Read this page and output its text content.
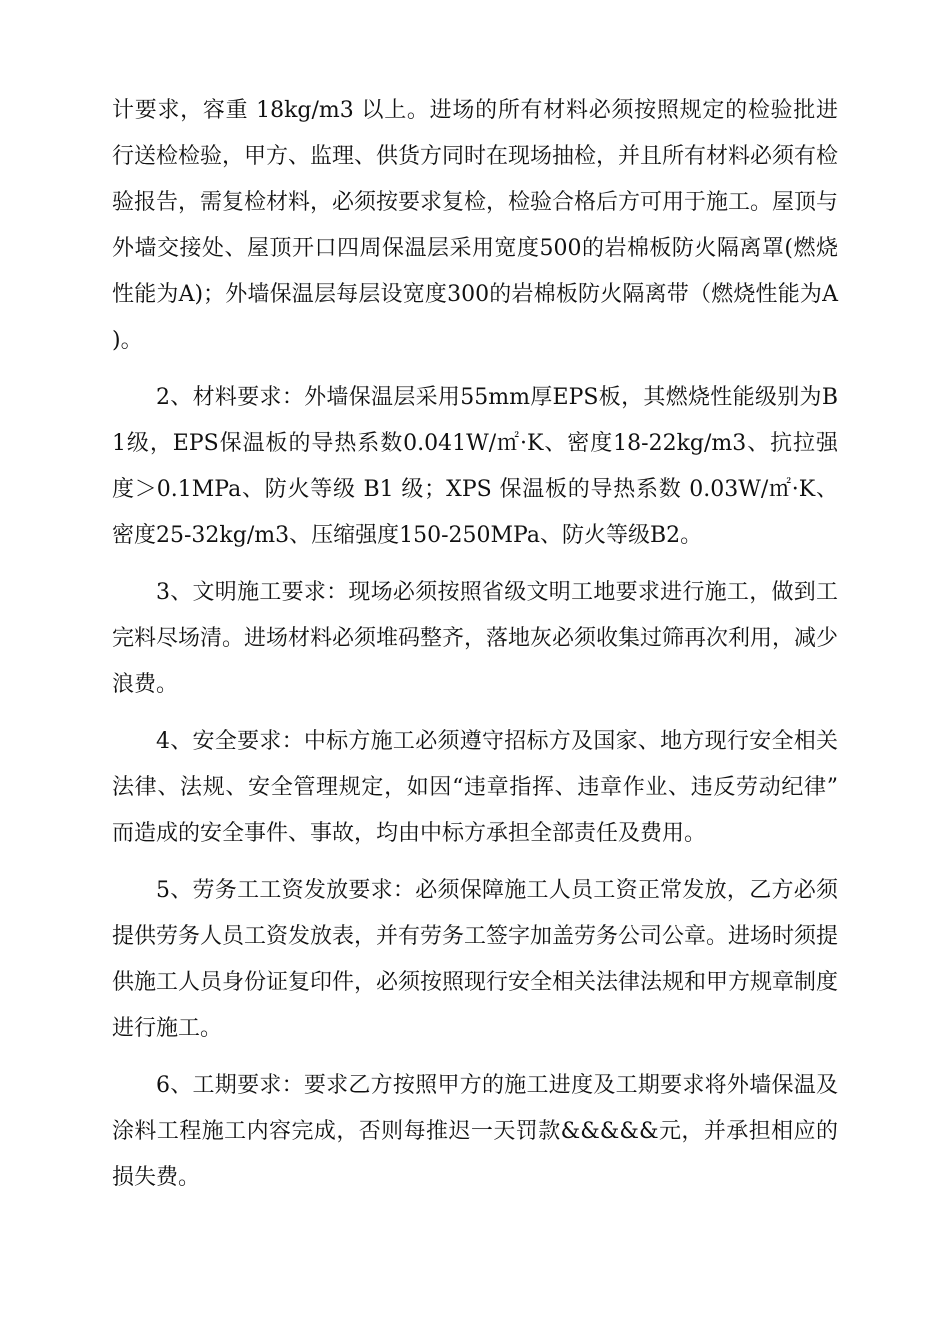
计要求，容重 18kg/m3 以上。进场的所有材料必须按照规定的检验批进行送检检验，甲方、监理、供货方同时在现场抽检，并且所有材料必须有检验报告，需复检材料，必须按要求复检，检验合格后方可用于施工。屋顶与外墙交接处、屋顶开口四周保温层采用宽度500的岩棉板防火隔离罩(燃烧性能为A)；外墙保温层每层设宽度300的岩棉板防火隔离带（燃烧性能为A)。

2、材料要求：外墙保温层采用55mm厚EPS板，其燃烧性能级别为B1级，EPS保温板的导热系数0.041W/㎡·K、密度18-22kg/m3、抗拉强度＞0.1MPa、防火等级 B1 级；XPS 保温板的导热系数 0.03W/㎡·K、密度25-32kg/m3、压缩强度150-250MPa、防火等级B2。

3、文明施工要求：现场必须按照省级文明工地要求进行施工，做到工完料尽场清。进场材料必须堆码整齐，落地灰必须收集过筛再次利用，减少浪费。

4、安全要求：中标方施工必须遵守招标方及国家、地方现行安全相关法律、法规、安全管理规定，如因“违章指挥、违章作业、违反劳动纪律”而造成的安全事件、事故，均由中标方承担全部责任及费用。

5、劳务工工资发放要求：必须保障施工人员工资正常发放，乙方必须提供劳务人员工资发放表，并有劳务工签字加盖劳务公司公章。进场时须提供施工人员身份证复印件，必须按照现行安全相关法律法规和甲方规章制度进行施工。

6、工期要求：要求乙方按照甲方的施工进度及工期要求将外墙保温及涂料工程施工内容完成，否则每推迟一天罚款&&&&&元，并承担相应的损失费。
